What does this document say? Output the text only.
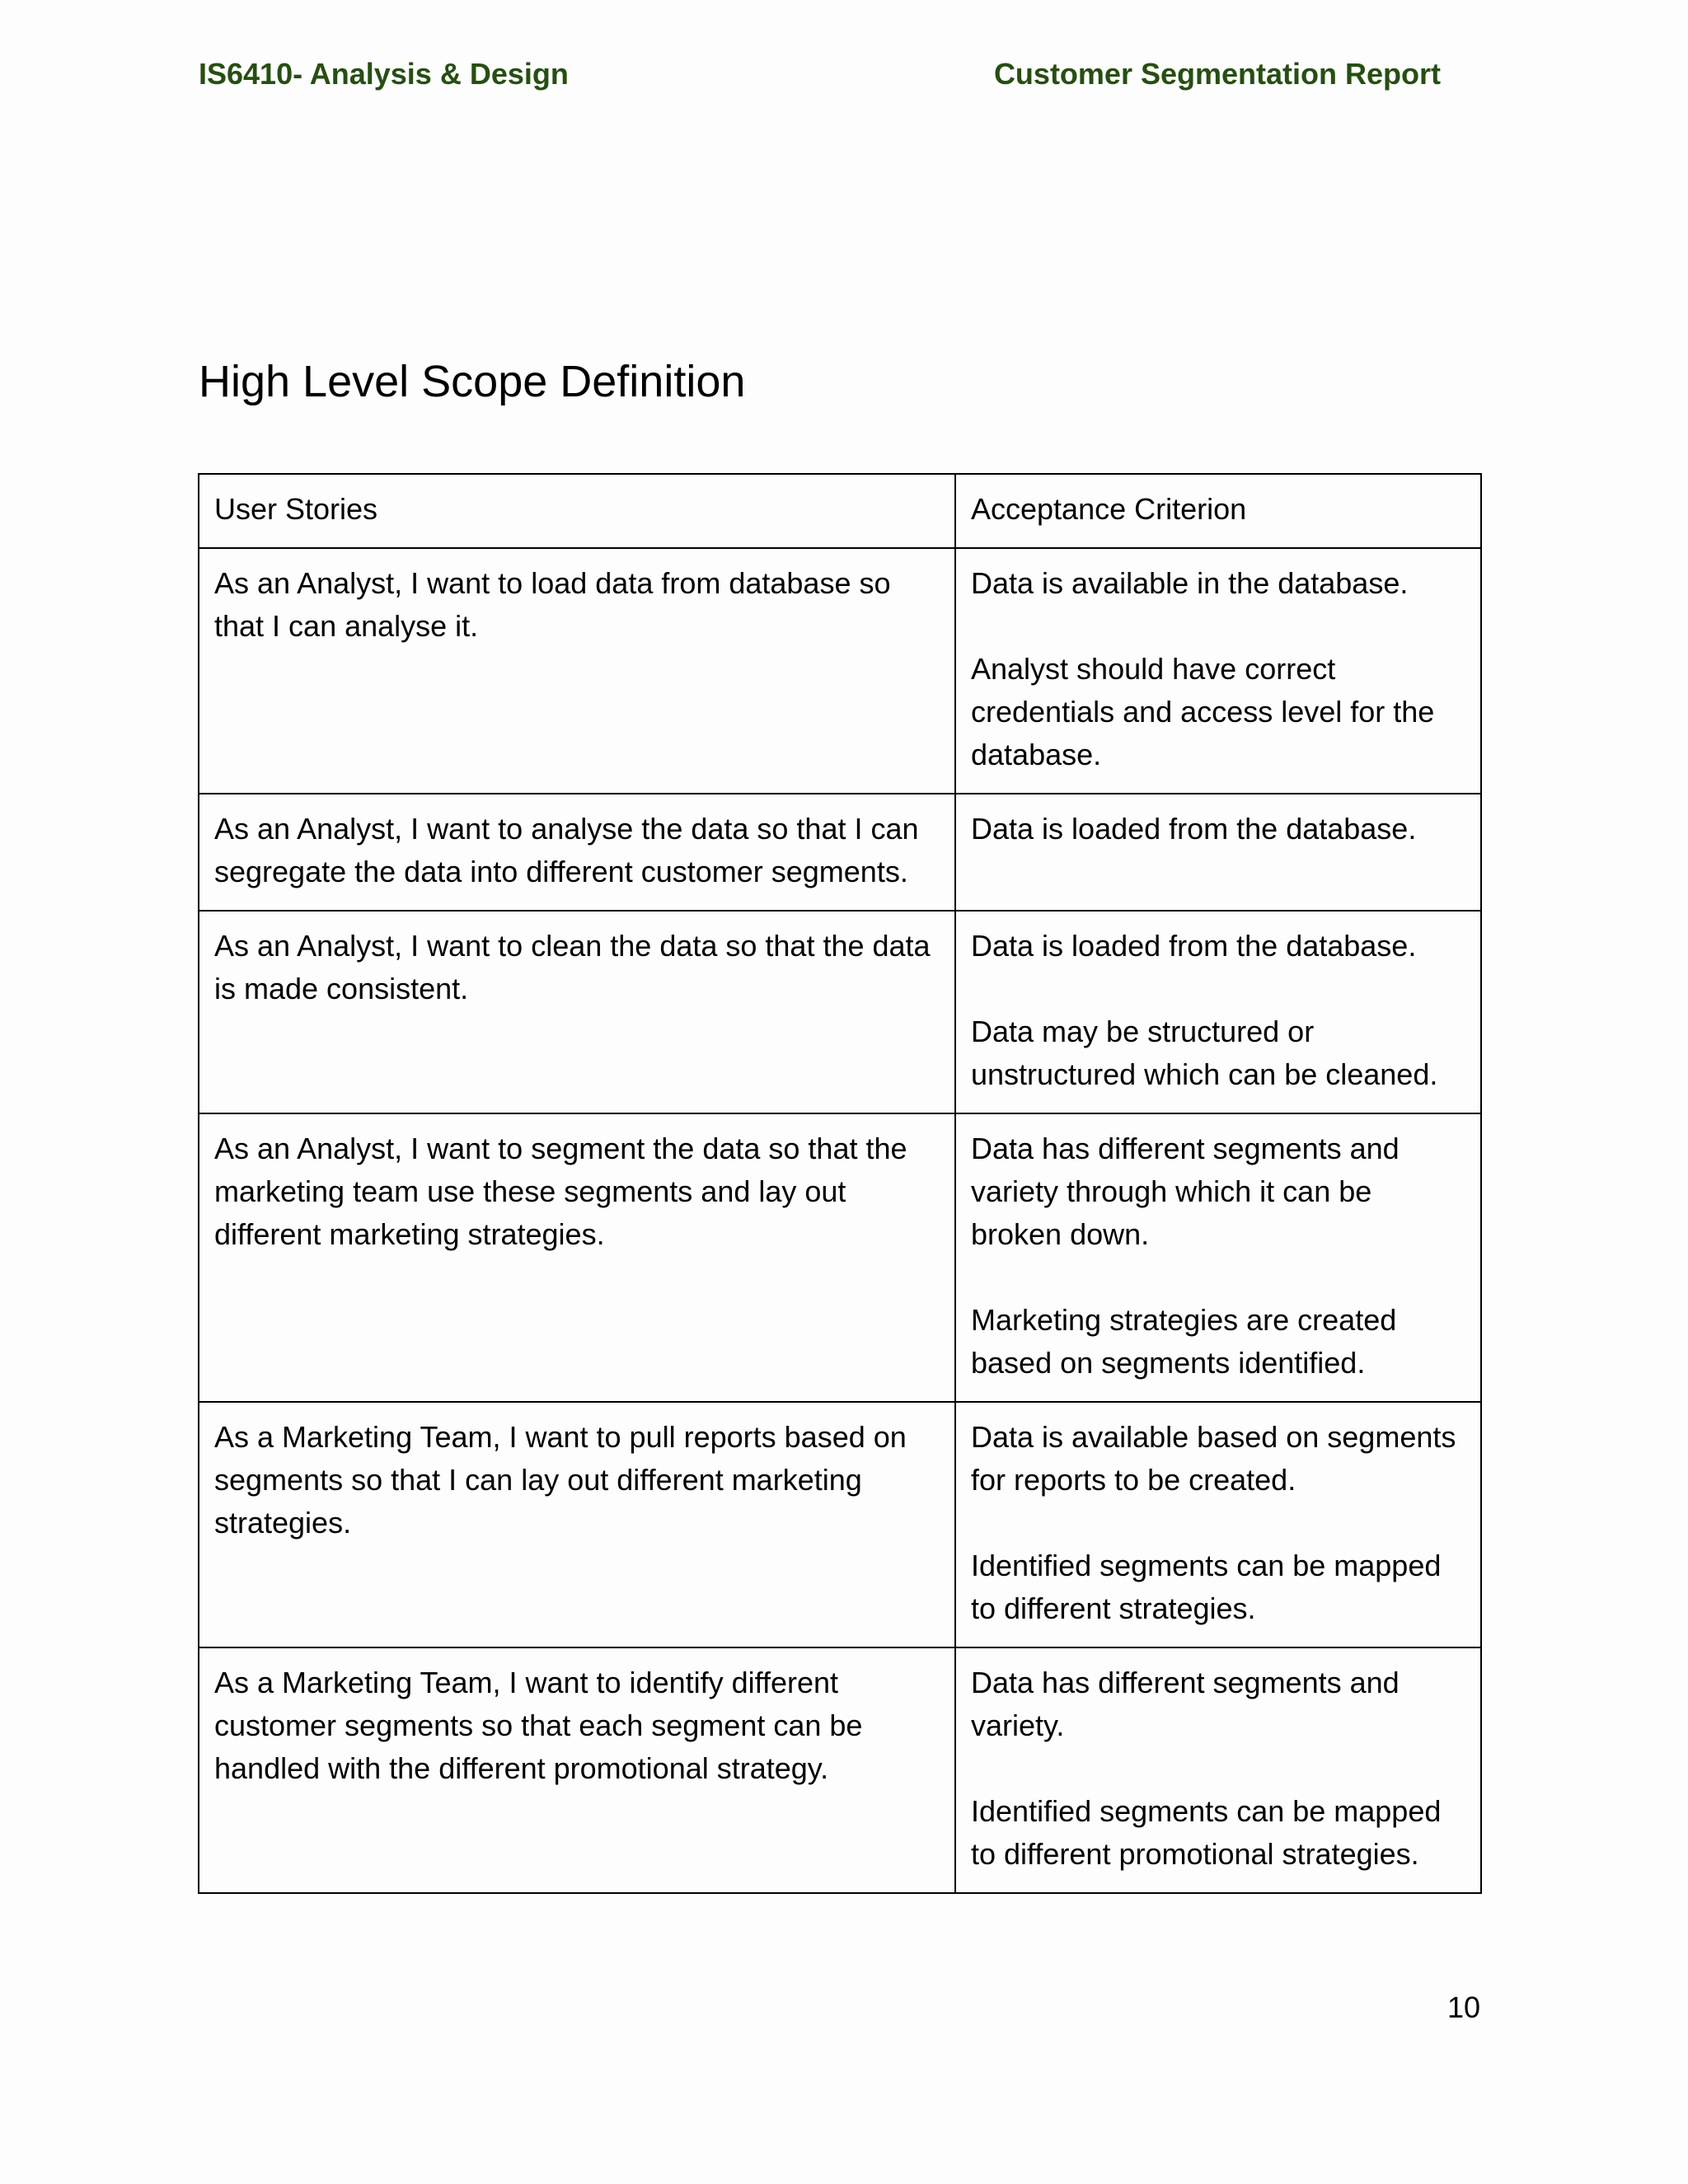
IS6410- Analysis & Design	Customer Segmentation Report
High Level Scope Definition
User Stories	Acceptance Criterion
As an Analyst, I want to load data from database so that I can analyse it.	Data is available in the database.

Analyst should have correct credentials and access level for the database.

As an Analyst, I want to analyse the data so that I can segregate the data into different customer segments.	Data is loaded from the database.

As an Analyst, I want to clean the data so that the data is made consistent.	Data is loaded from the database.

Data may be structured or unstructured which can be cleaned.

As an Analyst, I want to segment the data so that the marketing team use these segments and lay out different marketing strategies.	Data has different segments and variety through which it can be broken down.

Marketing strategies are created based on segments identified.

As a Marketing Team, I want to pull reports based on segments so that I can lay out different marketing strategies.	Data is available based on segments for reports to be created.

Identified segments can be mapped to different strategies.

As a Marketing Team, I want to identify different customer segments so that each segment can be handled with the different promotional strategy.	Data has different segments and variety.

Identified segments can be mapped to different promotional strategies.

10
